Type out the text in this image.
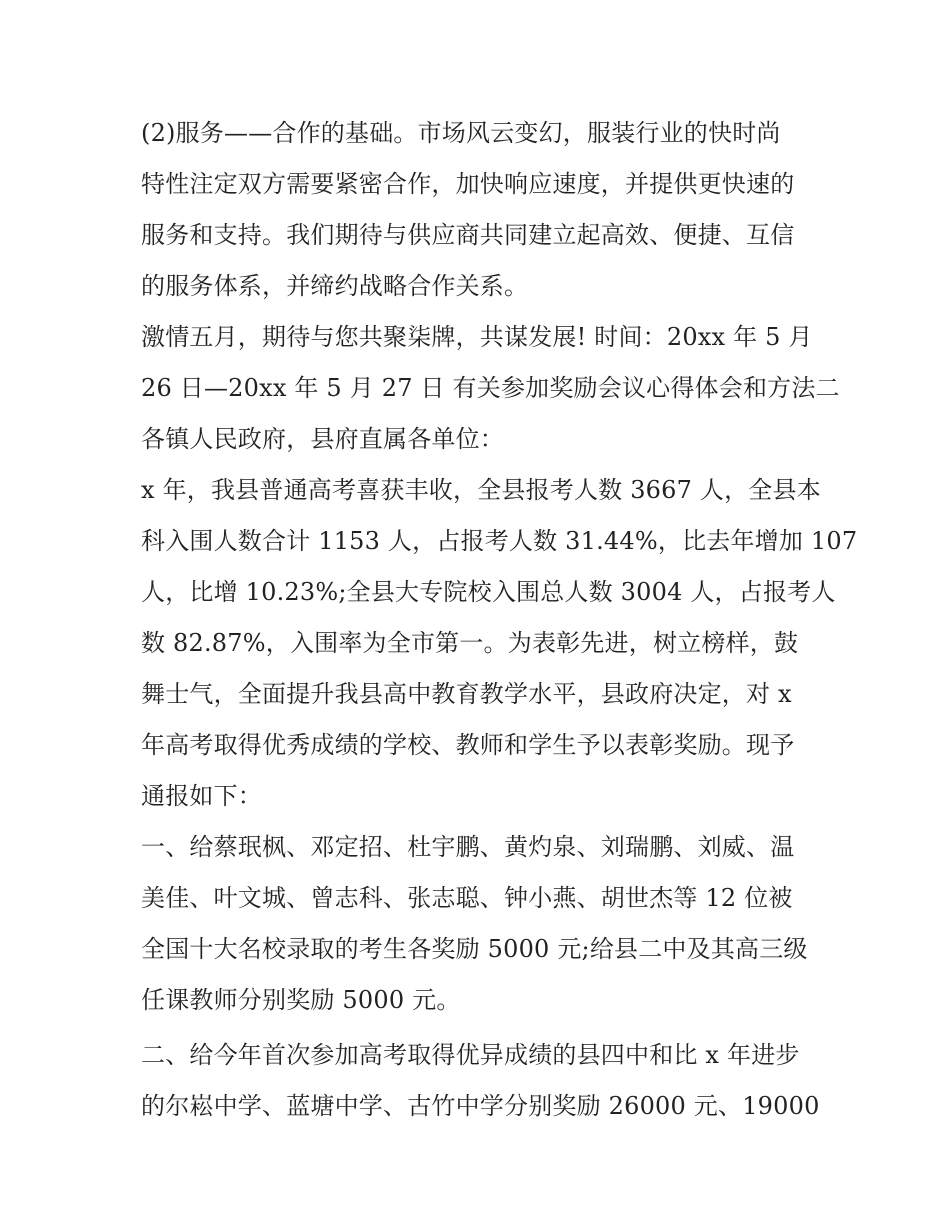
(2)服务——合作的基础。市场风云变幻，服装行业的快时尚
特性注定双方需要紧密合作，加快响应速度，并提供更快速的
服务和支持。我们期待与供应商共同建立起高效、便捷、互信
的服务体系，并缔约战略合作关系。
激情五月，期待与您共聚柒牌，共谋发展! 时间：20xx 年 5 月
26 日—20xx 年 5 月 27 日 有关参加奖励会议心得体会和方法二
各镇人民政府，县府直属各单位：
x 年，我县普通高考喜获丰收，全县报考人数 3667 人，全县本
科入围人数合计 1153 人，占报考人数 31.44%，比去年增加 107
人，比增 10.23%;全县大专院校入围总人数 3004 人，占报考人
数 82.87%，入围率为全市第一。为表彰先进，树立榜样，鼓
舞士气，全面提升我县高中教育教学水平，县政府决定，对 x
年高考取得优秀成绩的学校、教师和学生予以表彰奖励。现予
通报如下：
一、给蔡珉枫、邓定招、杜宇鹏、黄灼泉、刘瑞鹏、刘威、温
美佳、叶文城、曾志科、张志聪、钟小燕、胡世杰等 12 位被
全国十大名校录取的考生各奖励 5000 元;给县二中及其高三级
任课教师分别奖励 5000 元。
二、给今年首次参加高考取得优异成绩的县四中和比 x 年进步
的尔崧中学、蓝塘中学、古竹中学分别奖励 26000 元、19000
